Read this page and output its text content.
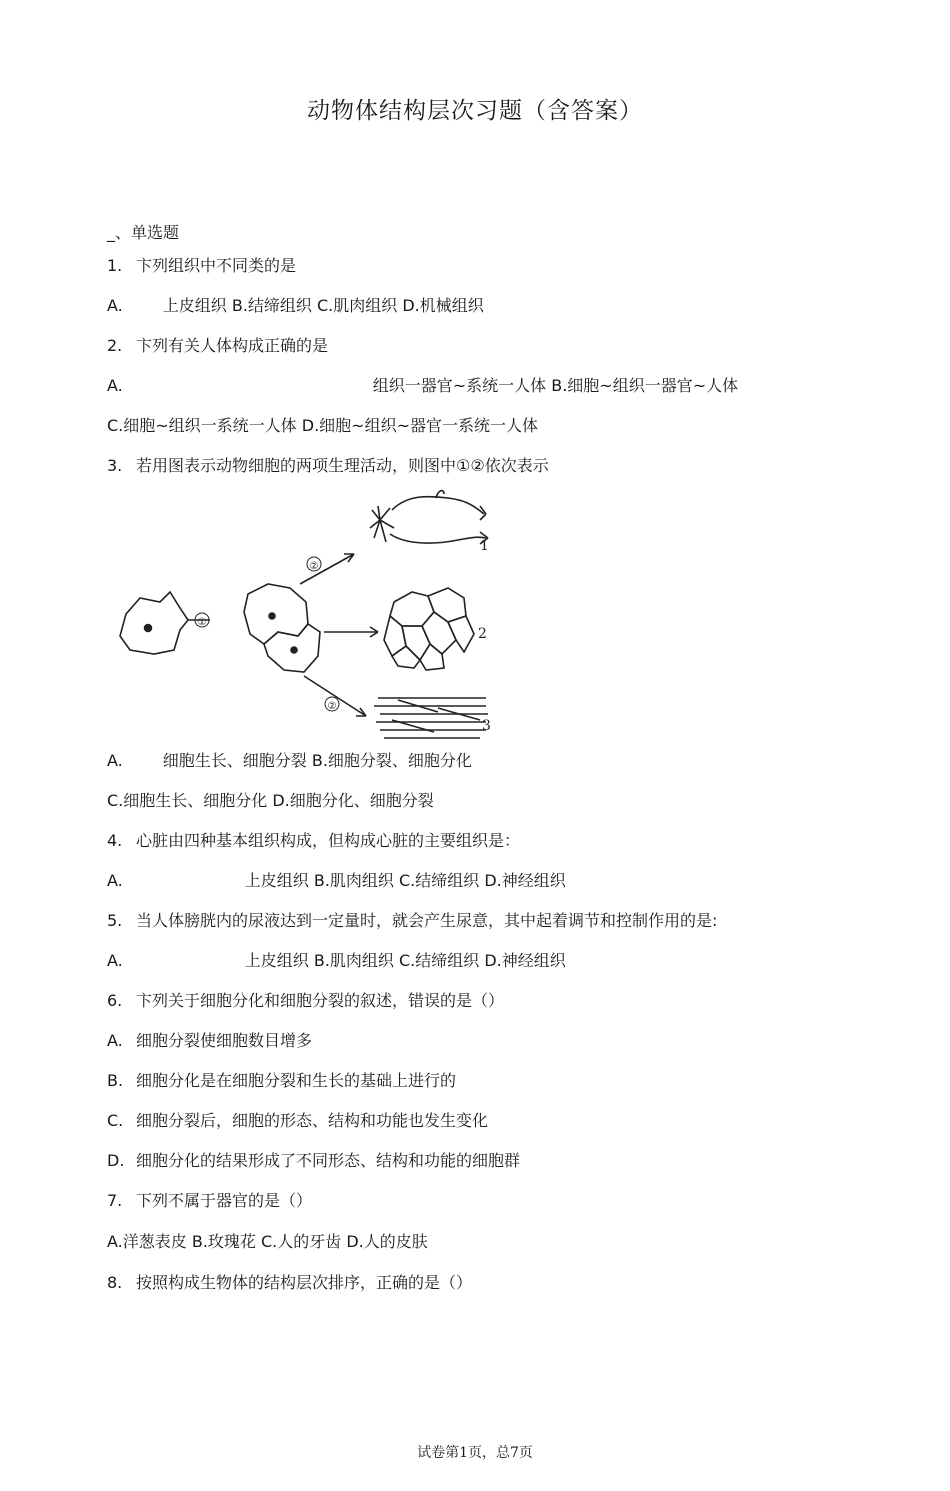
动物体结构层次习题（含答案）
_、单选题
1. 卞列组织中不同类的是
A.	上皮组织 B.结缔组织 C.肌肉组织 D.机械组织
2. 卞列有关人体构成正确的是
A.	组织一器官~系统一人体 B.细胞~组织一器官~人体
C.细胞~组织一系统一人体 D.细胞~组织~器官一系统一人体
3. 若用图表示动物细胞的两项生理活动，则图中①②依次表示
①
②
②
1
2
3
A.	细胞生长、细胞分裂 B.细胞分裂、细胞分化
C.细胞生长、细胞分化 D.细胞分化、细胞分裂
4. 心脏由四种基本组织构成，但构成心脏的主要组织是：
A.	上皮组织 B.肌肉组织 C.结缔组织 D.神经组织
5. 当人体膀胱内的尿液达到一定量时，就会产生尿意，其中起着调节和控制作用的是:
A.	上皮组织 B.肌肉组织 C.结缔组织 D.神经组织
6. 卞列关于细胞分化和细胞分裂的叙述，错误的是（）
A. 细胞分裂使细胞数目增多
B. 细胞分化是在细胞分裂和生长的基础上进行的
C. 细胞分裂后，细胞的形态、结构和功能也发生变化
D. 细胞分化的结果形成了不同形态、结构和功能的细胞群
7. 下列不属于器官的是（）
A.洋葱表皮 B.玫瑰花 C.人的牙齿 D.人的皮肤
8. 按照构成生物体的结构层次排序，正确的是（）
试卷第1页，总7页
